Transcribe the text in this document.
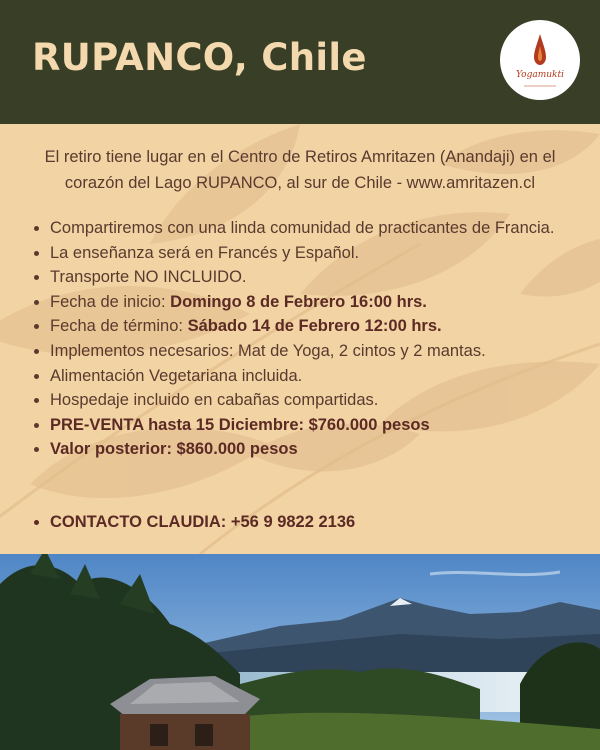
RUPANCO, Chile	Yogamukti

El retiro tiene lugar en el Centro de Retiros Amritazen (Anandaji) en el corazón del Lago RUPANCO, al sur de Chile - www.amritazen.cl

• Compartiremos con una linda comunidad de practicantes de Francia.
• La enseñanza será en Francés y Español.
• Transporte NO INCLUIDO.
• Fecha de inicio: Domingo 8 de Febrero 16:00 hrs.
• Fecha de término: Sábado 14 de Febrero 12:00 hrs.
• Implementos necesarios: Mat de Yoga, 2 cintos y 2 mantas.
• Alimentación Vegetariana incluida.
• Hospedaje incluido en cabañas compartidas.
• PRE-VENTA hasta 15 Diciembre: $760.000 pesos
• Valor posterior: $860.000 pesos
• CONTACTO CLAUDIA: +56 9 9822 2136
